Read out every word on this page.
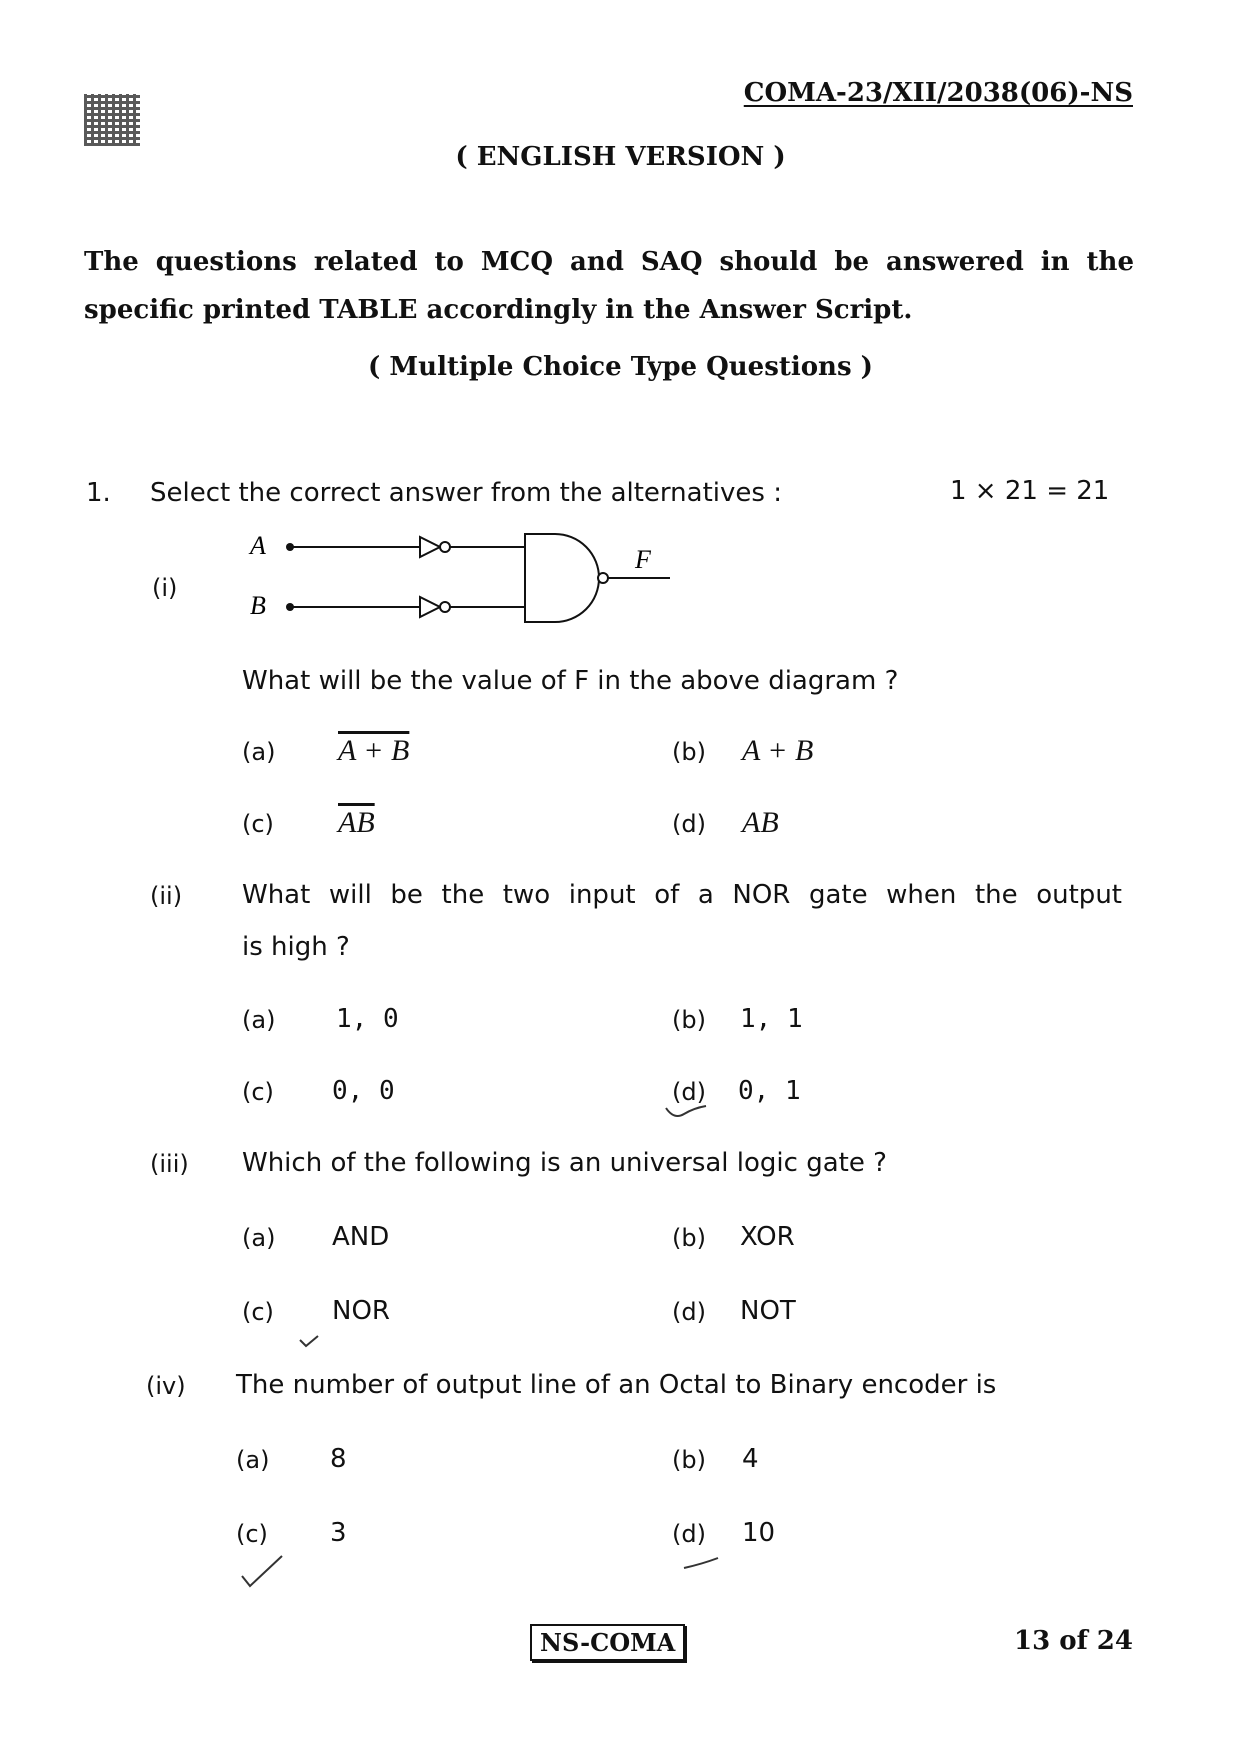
COMA-23/XII/2038(06)-NS
( ENGLISH VERSION )
The questions related to MCQ and SAQ should be answered in the
specific printed TABLE accordingly in the Answer Script.
( Multiple Choice Type Questions )
1. Select the correct answer from the alternatives :	1 × 21 = 21
(i)
A
B
F
What will be the value of F in the above diagram ?
(a) A + B	(b) A + B
(c) $\overline{AB}$	(d) AB
(ii) What will be the two input of a NOR gate when the output
is high ?
(a) 1, 0	(b) 1, 1
(c) 0, 0	(d) 0, 1
(iii) Which of the following is an universal logic gate ?
(a) AND	(b) XOR
(c) NOR	(d) NOT
(iv) The number of output line of an Octal to Binary encoder is
(a) 8	(b) 4
(c) 3	(d) 10
NS-COMA	13 of 24
